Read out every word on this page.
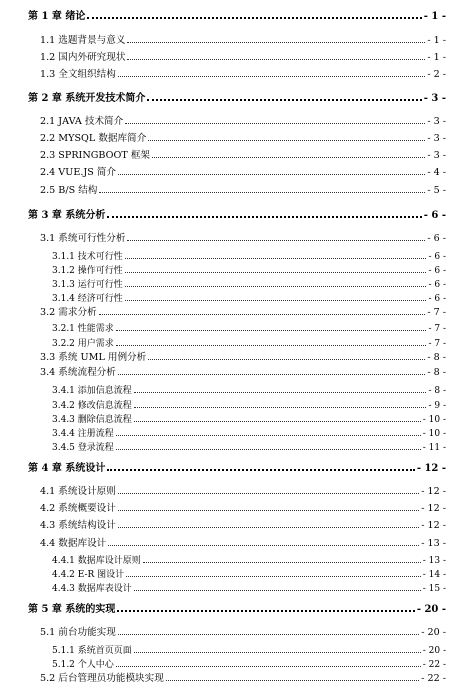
第 1 章 绪论	- 1 -
1.1 选题背景与意义	- 1 -
1.2 国内外研究现状	- 1 -
1.3 全文组织结构	- 2 -
第 2 章 系统开发技术简介	- 3 -
2.1 JAVA 技术简介	- 3 -
2.2 MYSQL 数据库简介	- 3 -
2.3 SPRINGBOOT 框架	- 3 -
2.4 VUE.JS 简介	- 4 -
2.5 B/S 结构	- 5 -
第 3 章 系统分析	- 6 -
3.1 系统可行性分析	- 6 -
3.1.1 技术可行性	- 6 -
3.1.2 操作可行性	- 6 -
3.1.3 运行可行性	- 6 -
3.1.4 经济可行性	- 6 -
3.2 需求分析	- 7 -
3.2.1 性能需求	- 7 -
3.2.2 用户需求	- 7 -
3.3 系统 UML 用例分析	- 8 -
3.4 系统流程分析	- 8 -
3.4.1 添加信息流程	- 8 -
3.4.2 修改信息流程	- 9 -
3.4.3 删除信息流程	- 10 -
3.4.4 注册流程	- 10 -
3.4.5 登录流程	- 11 -
第 4 章 系统设计	- 12 -
4.1 系统设计原则	- 12 -
4.2 系统概要设计	- 12 -
4.3 系统结构设计	- 12 -
4.4 数据库设计	- 13 -
4.4.1 数据库设计原则	- 13 -
4.4.2 E-R 图设计	- 14 -
4.4.3 数据库表设计	- 15 -
第 5 章 系统的实现	- 20 -
5.1 前台功能实现	- 20 -
5.1.1 系统首页页面	- 20 -
5.1.2 个人中心	- 22 -
5.2 后台管理员功能模块实现	- 22 -
